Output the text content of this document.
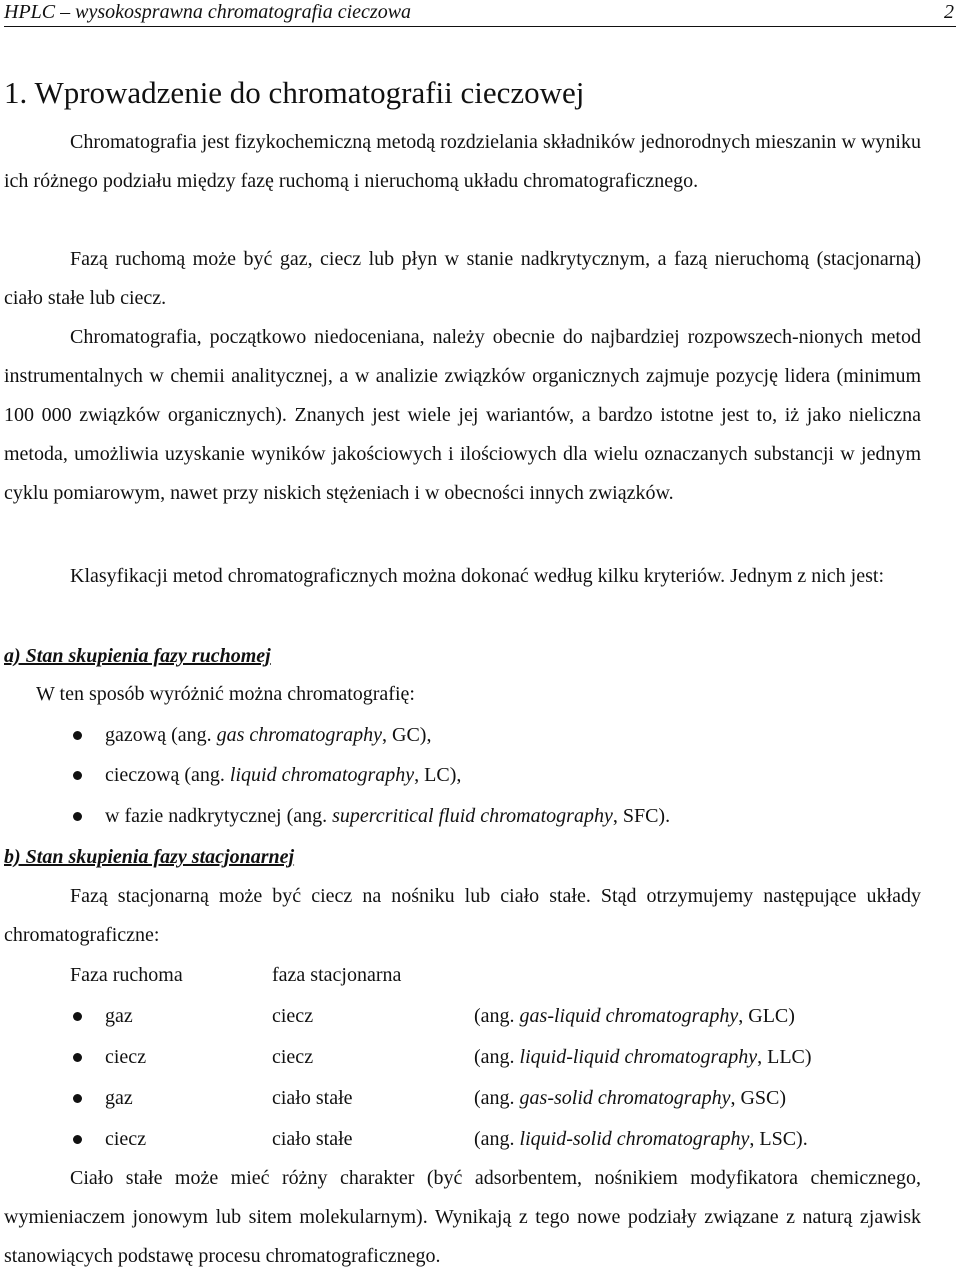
HPLC – wysokosprawna chromatografia cieczowa	2
1. Wprowadzenie do chromatografii cieczowej

Chromatografia jest fizykochemiczną metodą rozdzielania składników jednorodnych mieszanin w wyniku ich różnego podziału między fazę ruchomą i nieruchomą układu chromatograficznego.

Fazą ruchomą może być gaz, ciecz lub płyn w stanie nadkrytycznym, a fazą nieruchomą (stacjonarną) ciało stałe lub ciecz.

Chromatografia, początkowo niedoceniana, należy obecnie do najbardziej rozpowszech-nionych metod instrumentalnych w chemii analitycznej, a w analizie związków organicznych zajmuje pozycję lidera (minimum 100 000 związków organicznych). Znanych jest wiele jej wariantów, a bardzo istotne jest to, iż jako nieliczna metoda, umożliwia uzyskanie wyników jakościowych i ilościowych dla wielu oznaczanych substancji w jednym cyklu pomiarowym, nawet przy niskich stężeniach i w obecności innych związków.

Klasyfikacji metod chromatograficznych można dokonać według kilku kryteriów. Jednym z nich jest:

a) Stan skupienia fazy ruchomej
W ten sposób wyróżnić można chromatografię:
gazową (ang. gas chromatography, GC),
cieczową (ang. liquid chromatography, LC),
w fazie nadkrytycznej (ang. supercritical fluid chromatography, SFC).
b) Stan skupienia fazy stacjonarnej

Fazą stacjonarną może być ciecz na nośniku lub ciało stałe. Stąd otrzymujemy następujące układy chromatograficzne:

Faza ruchoma	faza stacjonarna
gaz	ciecz	(ang. gas-liquid chromatography, GLC)
ciecz	ciecz	(ang. liquid-liquid chromatography, LLC)
gaz	ciało stałe	(ang. gas-solid chromatography, GSC)
ciecz	ciało stałe	(ang. liquid-solid chromatography, LSC).

Ciało stałe może mieć różny charakter (być adsorbentem, nośnikiem modyfikatora chemicznego, wymieniaczem jonowym lub sitem molekularnym). Wynikają z tego nowe podziały związane z naturą zjawisk stanowiących podstawę procesu chromatograficznego.
